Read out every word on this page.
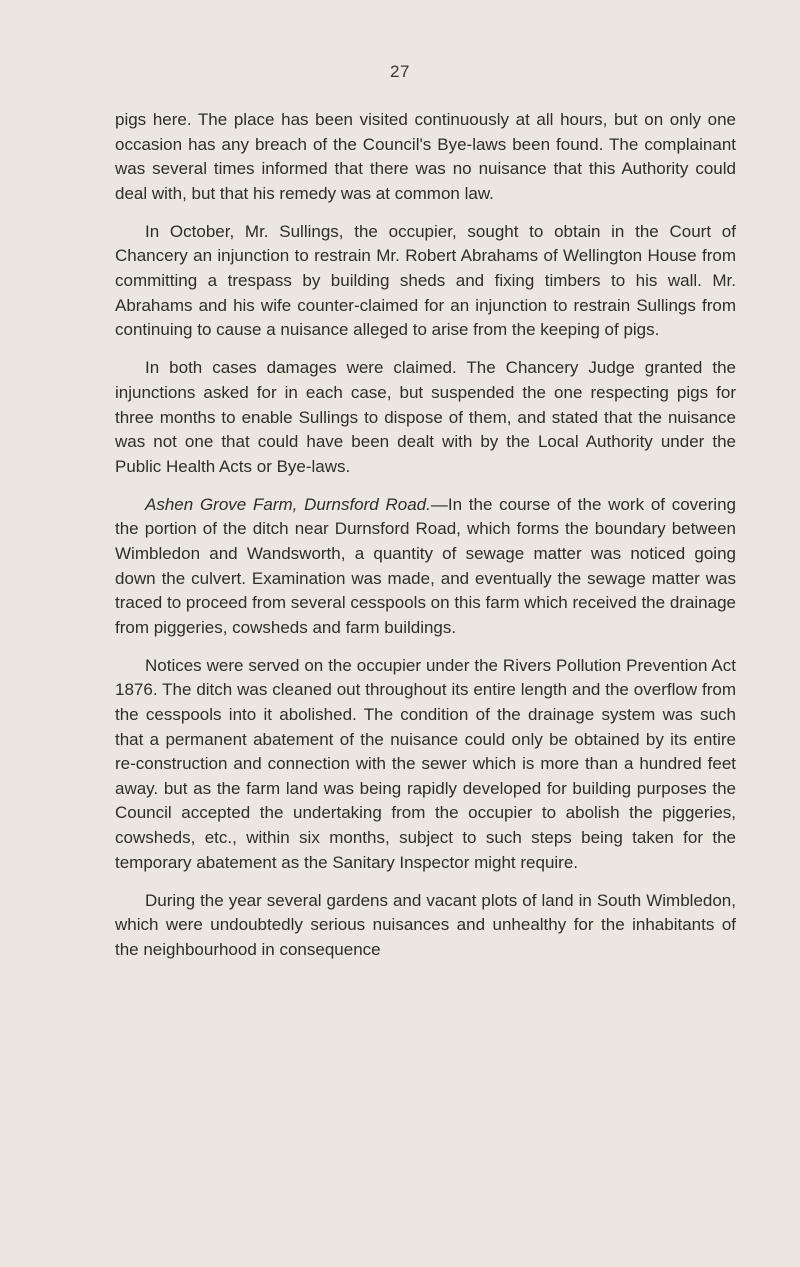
27

pigs here. The place has been visited continuously at all hours, but on only one occasion has any breach of the Council's Bye-laws been found. The complainant was several times informed that there was no nuisance that this Authority could deal with, but that his remedy was at common law.

In October, Mr. Sullings, the occupier, sought to obtain in the Court of Chancery an injunction to restrain Mr. Robert Abrahams of Wellington House from committing a trespass by building sheds and fixing timbers to his wall. Mr. Abrahams and his wife counter-claimed for an injunction to restrain Sullings from continuing to cause a nuisance alleged to arise from the keeping of pigs.

In both cases damages were claimed. The Chancery Judge granted the injunctions asked for in each case, but suspended the one respecting pigs for three months to enable Sullings to dispose of them, and stated that the nuisance was not one that could have been dealt with by the Local Authority under the Public Health Acts or Bye-laws.

Ashen Grove Farm, Durnsford Road.—In the course of the work of covering the portion of the ditch near Durnsford Road, which forms the boundary between Wimbledon and Wandsworth, a quantity of sewage matter was noticed going down the culvert. Examination was made, and eventually the sewage matter was traced to proceed from several cesspools on this farm which received the drainage from piggeries, cowsheds and farm buildings.

Notices were served on the occupier under the Rivers Pollution Prevention Act 1876. The ditch was cleaned out throughout its entire length and the overflow from the cesspools into it abolished. The condition of the drainage system was such that a permanent abatement of the nuisance could only be obtained by its entire re-construction and connection with the sewer which is more than a hundred feet away. but as the farm land was being rapidly developed for building purposes the Council accepted the undertaking from the occupier to abolish the piggeries, cowsheds, etc., within six months, subject to such steps being taken for the temporary abatement as the Sanitary Inspector might require.

During the year several gardens and vacant plots of land in South Wimbledon, which were undoubtedly serious nuisances and unhealthy for the inhabitants of the neighbourhood in consequence
